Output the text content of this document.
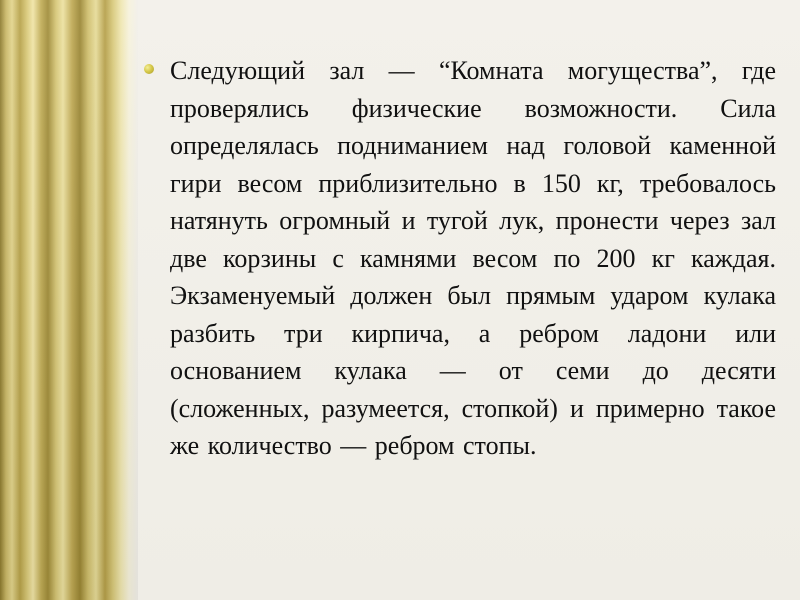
Следующий зал — “Комната могущества”, где проверялись физические возможности. Сила определялась подниманием над головой каменной гири весом приблизительно в 150 кг, требовалось натянуть огромный и тугой лук, пронести через зал две корзины с камнями весом по 200 кг каждая. Экзаменуемый должен был прямым ударом кулака разбить три кирпича, а ребром ладони или основанием кулака — от семи до десяти (сложенных, разумеется, стопкой) и примерно такое же количество — ребром стопы.
